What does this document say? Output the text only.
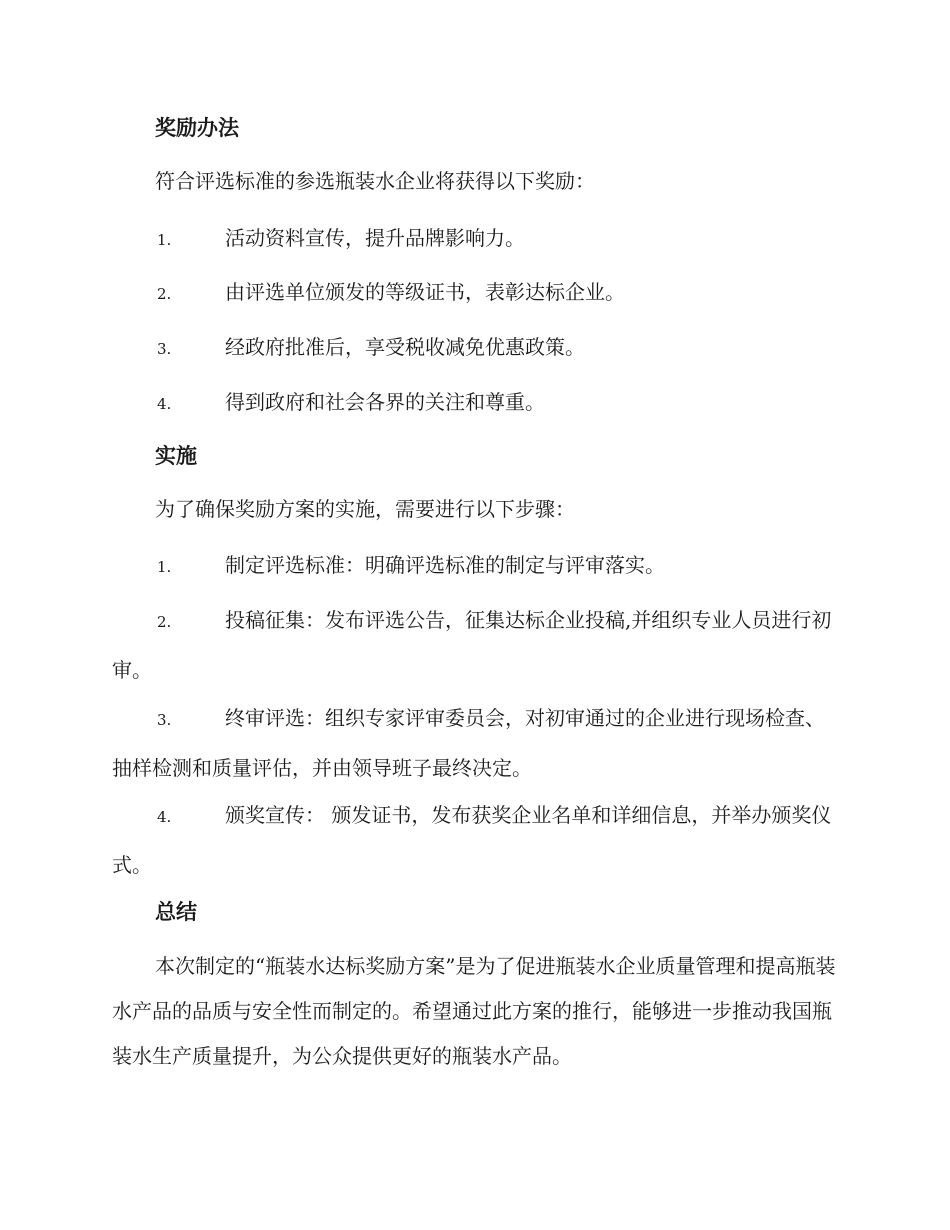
奖励办法

符合评选标准的参选瓶装水企业将获得以下奖励：

1.	活动资料宣传，提升品牌影响力。

2.	由评选单位颁发的等级证书，表彰达标企业。

3.	经政府批准后，享受税收减免优惠政策。

4.	得到政府和社会各界的关注和尊重。

实施

为了确保奖励方案的实施，需要进行以下步骤：

1.	制定评选标准：明确评选标准的制定与评审落实。

2.	投稿征集：发布评选公告，征集达标企业投稿,并组织专业人员进行初审。

3.	终审评选：组织专家评审委员会，对初审通过的企业进行现场检查、抽样检测和质量评估，并由领导班子最终决定。

4.	颁奖宣传： 颁发证书，发布获奖企业名单和详细信息，并举办颁奖仪式。

总结

本次制定的“瓶装水达标奖励方案”是为了促进瓶装水企业质量管理和提高瓶装水产品的品质与安全性而制定的。希望通过此方案的推行，能够进一步推动我国瓶装水生产质量提升，为公众提供更好的瓶装水产品。
